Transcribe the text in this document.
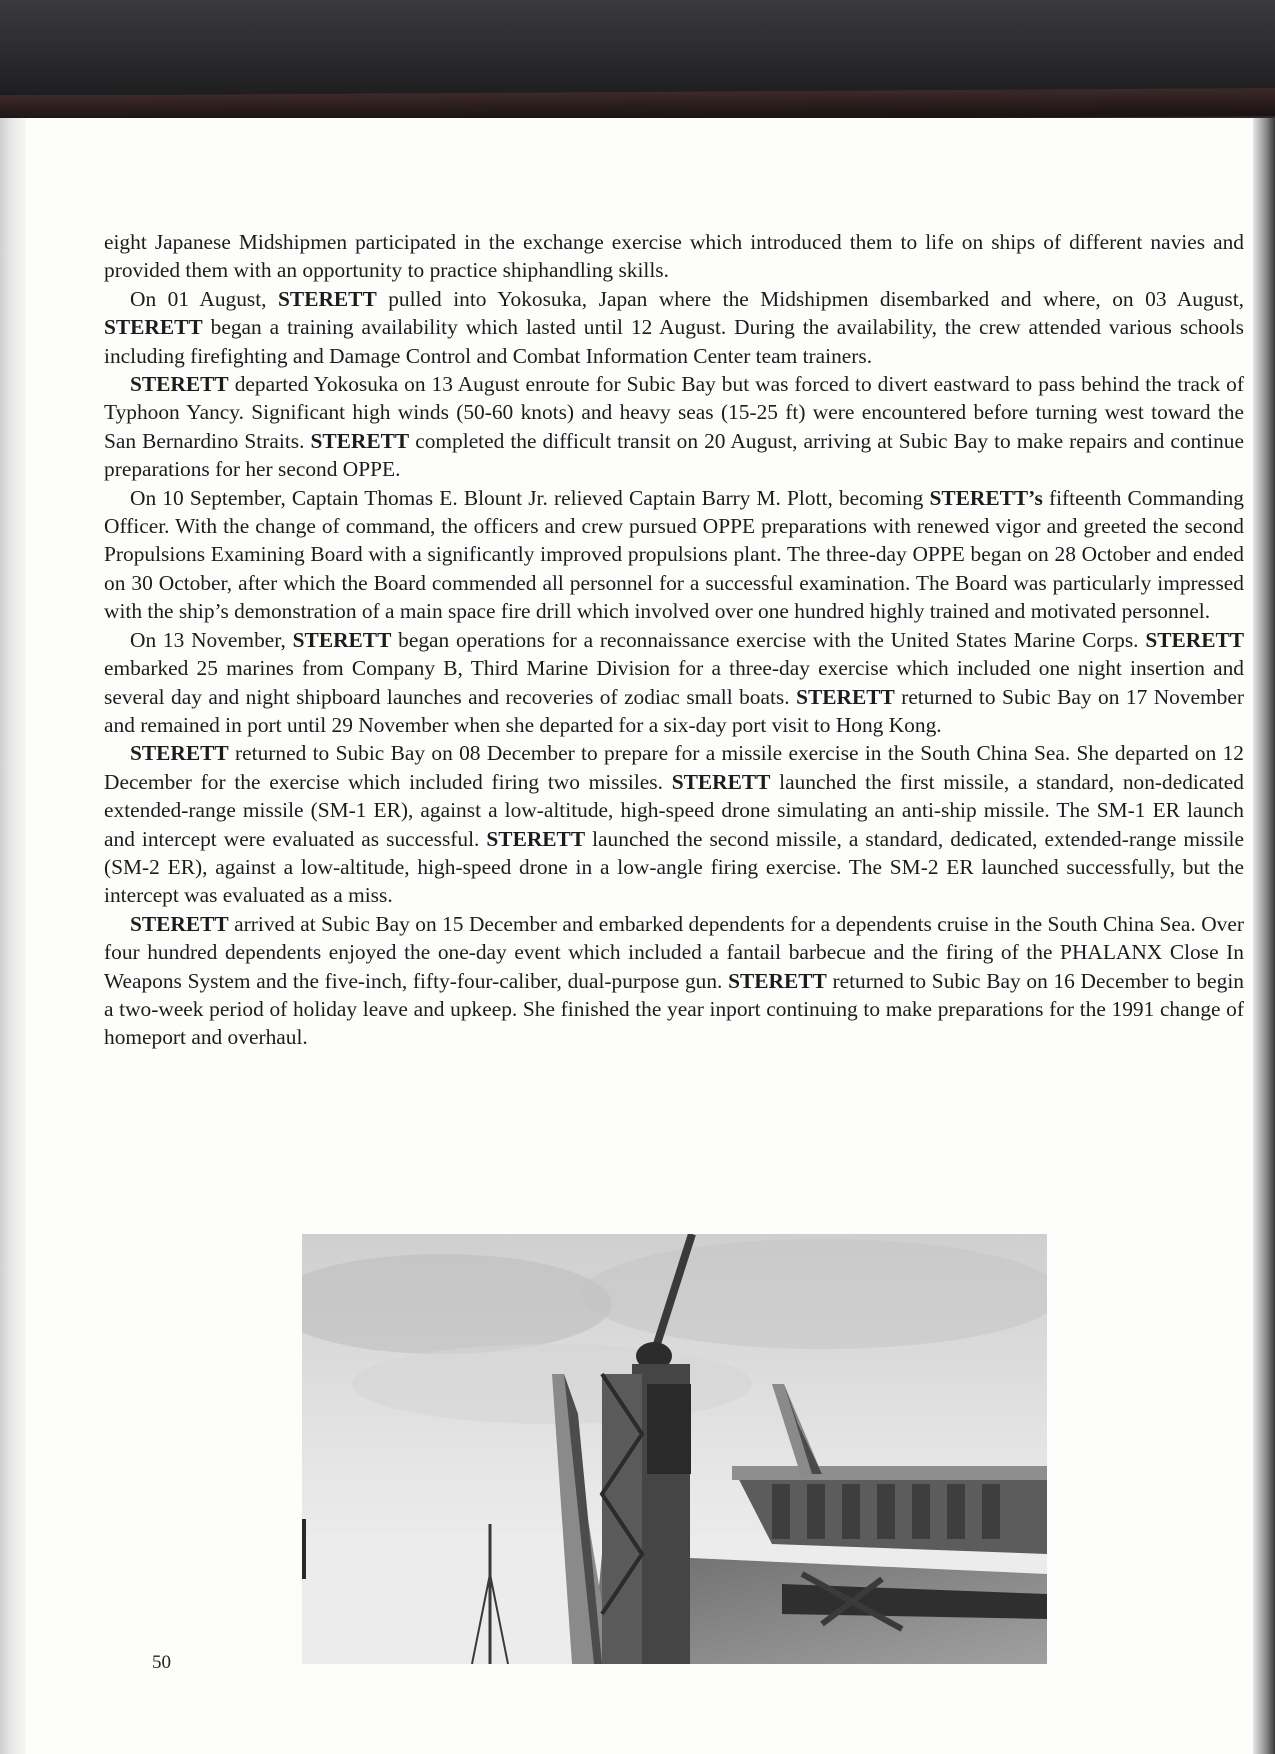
eight Japanese Midshipmen participated in the exchange exercise which introduced them to life on ships of different navies and provided them with an opportunity to practice shiphandling skills.

On 01 August, STERETT pulled into Yokosuka, Japan where the Midshipmen disembarked and where, on 03 August, STERETT began a training availability which lasted until 12 August. During the availability, the crew attended various schools including firefighting and Damage Control and Combat Information Center team trainers.

STERETT departed Yokosuka on 13 August enroute for Subic Bay but was forced to divert eastward to pass behind the track of Typhoon Yancy. Significant high winds (50-60 knots) and heavy seas (15-25 ft) were encountered before turning west toward the San Bernardino Straits. STERETT completed the difficult transit on 20 August, arriving at Subic Bay to make repairs and continue preparations for her second OPPE.

On 10 September, Captain Thomas E. Blount Jr. relieved Captain Barry M. Plott, becoming STERETT’s fifteenth Commanding Officer. With the change of command, the officers and crew pursued OPPE preparations with renewed vigor and greeted the second Propulsions Examining Board with a significantly improved propulsions plant. The three-day OPPE began on 28 October and ended on 30 October, after which the Board commended all personnel for a successful examination. The Board was particularly impressed with the ship’s demonstration of a main space fire drill which involved over one hundred highly trained and motivated personnel.

On 13 November, STERETT began operations for a reconnaissance exercise with the United States Marine Corps. STERETT embarked 25 marines from Company B, Third Marine Division for a three-day exercise which included one night insertion and several day and night shipboard launches and recoveries of zodiac small boats. STERETT returned to Subic Bay on 17 November and remained in port until 29 November when she departed for a six-day port visit to Hong Kong.

STERETT returned to Subic Bay on 08 December to prepare for a missile exercise in the South China Sea. She departed on 12 December for the exercise which included firing two missiles. STERETT launched the first missile, a standard, non-dedicated extended-range missile (SM-1 ER), against a low-altitude, high-speed drone simulating an anti-ship missile. The SM-1 ER launch and intercept were evaluated as successful. STERETT launched the second missile, a standard, dedicated, extended-range missile (SM-2 ER), against a low-altitude, high-speed drone in a low-angle firing exercise. The SM-2 ER launched successfully, but the intercept was evaluated as a miss.

STERETT arrived at Subic Bay on 15 December and embarked dependents for a dependents cruise in the South China Sea. Over four hundred dependents enjoyed the one-day event which included a fantail barbecue and the firing of the PHALANX Close In Weapons System and the five-inch, fifty-four-caliber, dual-purpose gun. STERETT returned to Subic Bay on 16 December to begin a two-week period of holiday leave and upkeep. She finished the year inport continuing to make preparations for the 1991 change of homeport and overhaul.

50
